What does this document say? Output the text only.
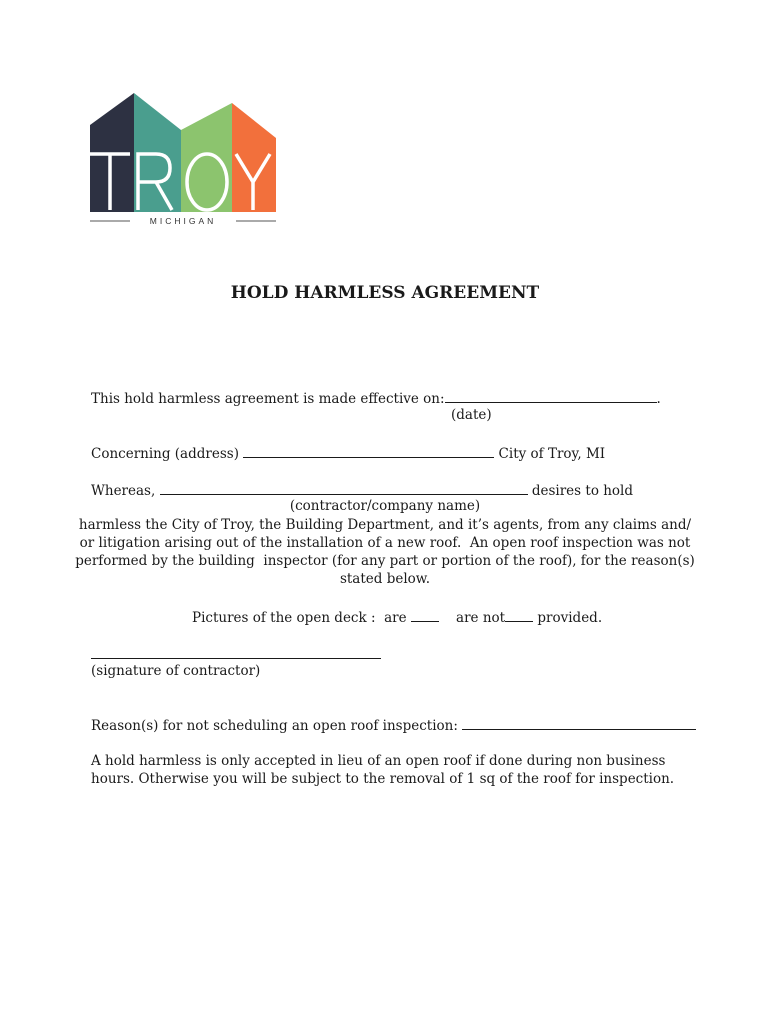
MICHIGAN
HOLD HARMLESS AGREEMENT
This hold harmless agreement is made effective on:	.
(date)
Concerning (address)	City of Troy, MI
Whereas,	desires to hold
(contractor/company name)
harmless the City of Troy, the Building Department, and it’s agents, from any claims and/
or litigation arising out of the installation of a new roof.  An open roof inspection was not
performed by the building  inspector (for any part or portion of the roof), for the reason(s)
stated below.
Pictures of the open deck :  are     are not provided.
(signature of contractor)
Reason(s) for not scheduling an open roof inspection:
A hold harmless is only accepted in lieu of an open roof if done during non business
hours. Otherwise you will be subject to the removal of 1 sq of the roof for inspection.
